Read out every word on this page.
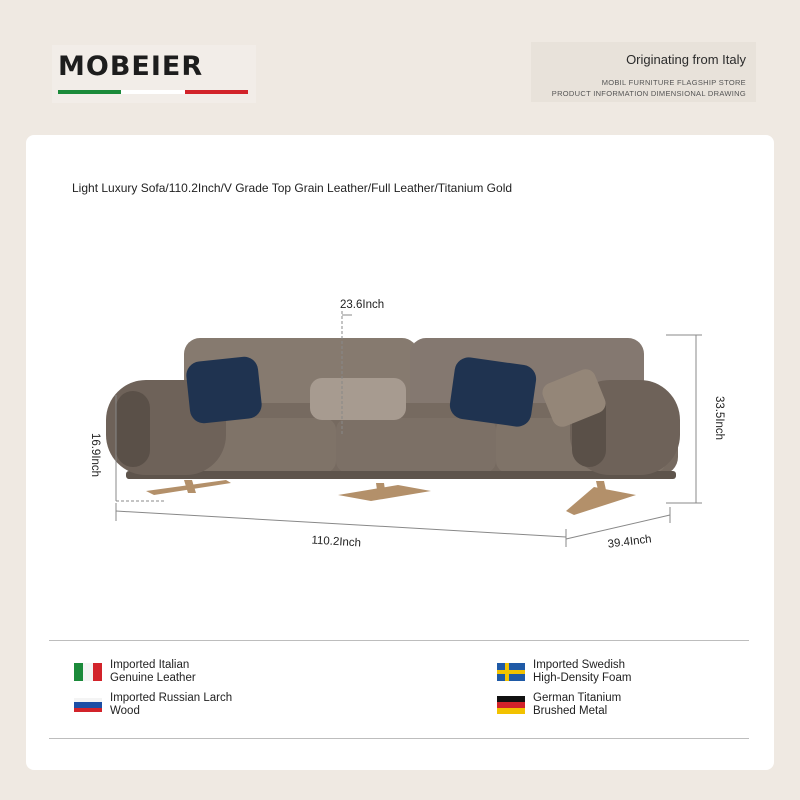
MOBEIER	Originating from Italy
MOBIL FURNITURE FLAGSHIP STORE
PRODUCT INFORMATION DIMENSIONAL DRAWING
Light Luxury Sofa/110.2Inch/V Grade Top Grain Leather/Full Leather/Titanium Gold
23.6Inch
33.5Inch
16.9Inch
110.2Inch	39.4Inch
Imported Italian
Genuine Leather
Imported Russian Larch
Wood
Imported Swedish
High-Density Foam
German Titanium
Brushed Metal
